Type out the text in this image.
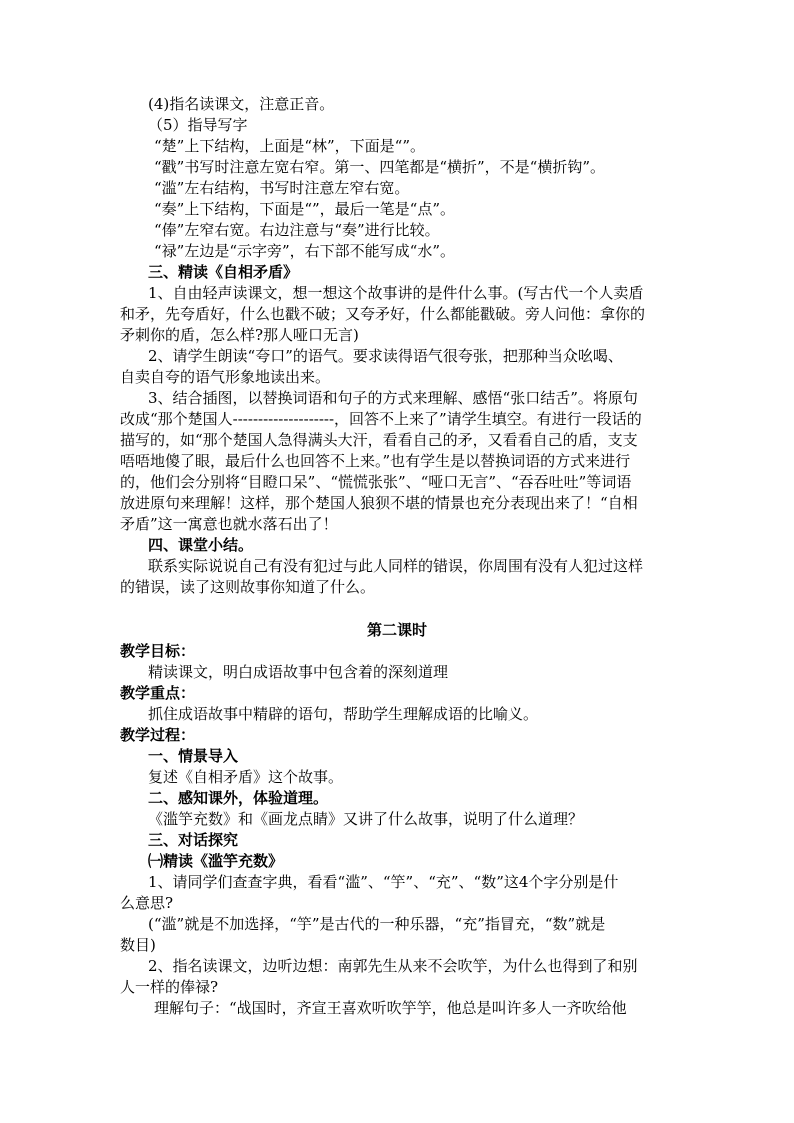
(4)指名读课文，注意正音。
（5）指导写字
“楚”上下结构，上面是“林”，下面是“”。
“戳”书写时注意左宽右窄。第一、四笔都是“横折”，不是“横折钩”。
“滥”左右结构，书写时注意左窄右宽。
“奏”上下结构，下面是“”，最后一笔是“点”。
“俸”左窄右宽。右边注意与“奏”进行比较。
“禄”左边是“示字旁”，右下部不能写成“水”。
三、精读《自相矛盾》
1、自由轻声读课文，想一想这个故事讲的是件什么事。(写古代一个人卖盾
和矛，先夸盾好，什么也戳不破；又夸矛好，什么都能戳破。旁人问他：拿你的
矛刺你的盾，怎么样?那人哑口无言)
2、请学生朗读“夸口”的语气。要求读得语气很夸张，把那种当众吆喝、
自卖自夸的语气形象地读出来。
3、结合插图，以替换词语和句子的方式来理解、感悟“张口结舌”。将原句
改成“那个楚国人--------------------，回答不上来了”请学生填空。有进行一段话的
描写的，如“那个楚国人急得满头大汗，看看自己的矛，又看看自己的盾，支支
唔唔地傻了眼，最后什么也回答不上来。”也有学生是以替换词语的方式来进行
的，他们会分别将“目瞪口呆”、“慌慌张张”、“哑口无言”、“吞吞吐吐”等词语
放进原句来理解！这样，那个楚国人狼狈不堪的情景也充分表现出来了！“自相
矛盾”这一寓意也就水落石出了！
四、课堂小结。
联系实际说说自己有没有犯过与此人同样的错误，你周围有没有人犯过这样
的错误，读了这则故事你知道了什么。
第二课时
教学目标：
精读课文，明白成语故事中包含着的深刻道理
教学重点：
抓住成语故事中精辟的语句，帮助学生理解成语的比喻义。
教学过程：
一、情景导入
复述《自相矛盾》这个故事。
二、感知课外，体验道理。
《滥竽充数》和《画龙点睛》又讲了什么故事，说明了什么道理？
三、对话探究
㈠精读《滥竽充数》
1、请同学们查查字典，看看“滥”、“竽”、“充”、“数”这4个字分别是什
么意思?
(“滥”就是不加选择，“竽”是古代的一种乐器，“充”指冒充，“数”就是
数目)
2、指名读课文，边听边想：南郭先生从来不会吹竽，为什么也得到了和别
人一样的俸禄?
理解句子：“战国时，齐宣王喜欢听吹竽竽，他总是叫许多人一齐吹给他
